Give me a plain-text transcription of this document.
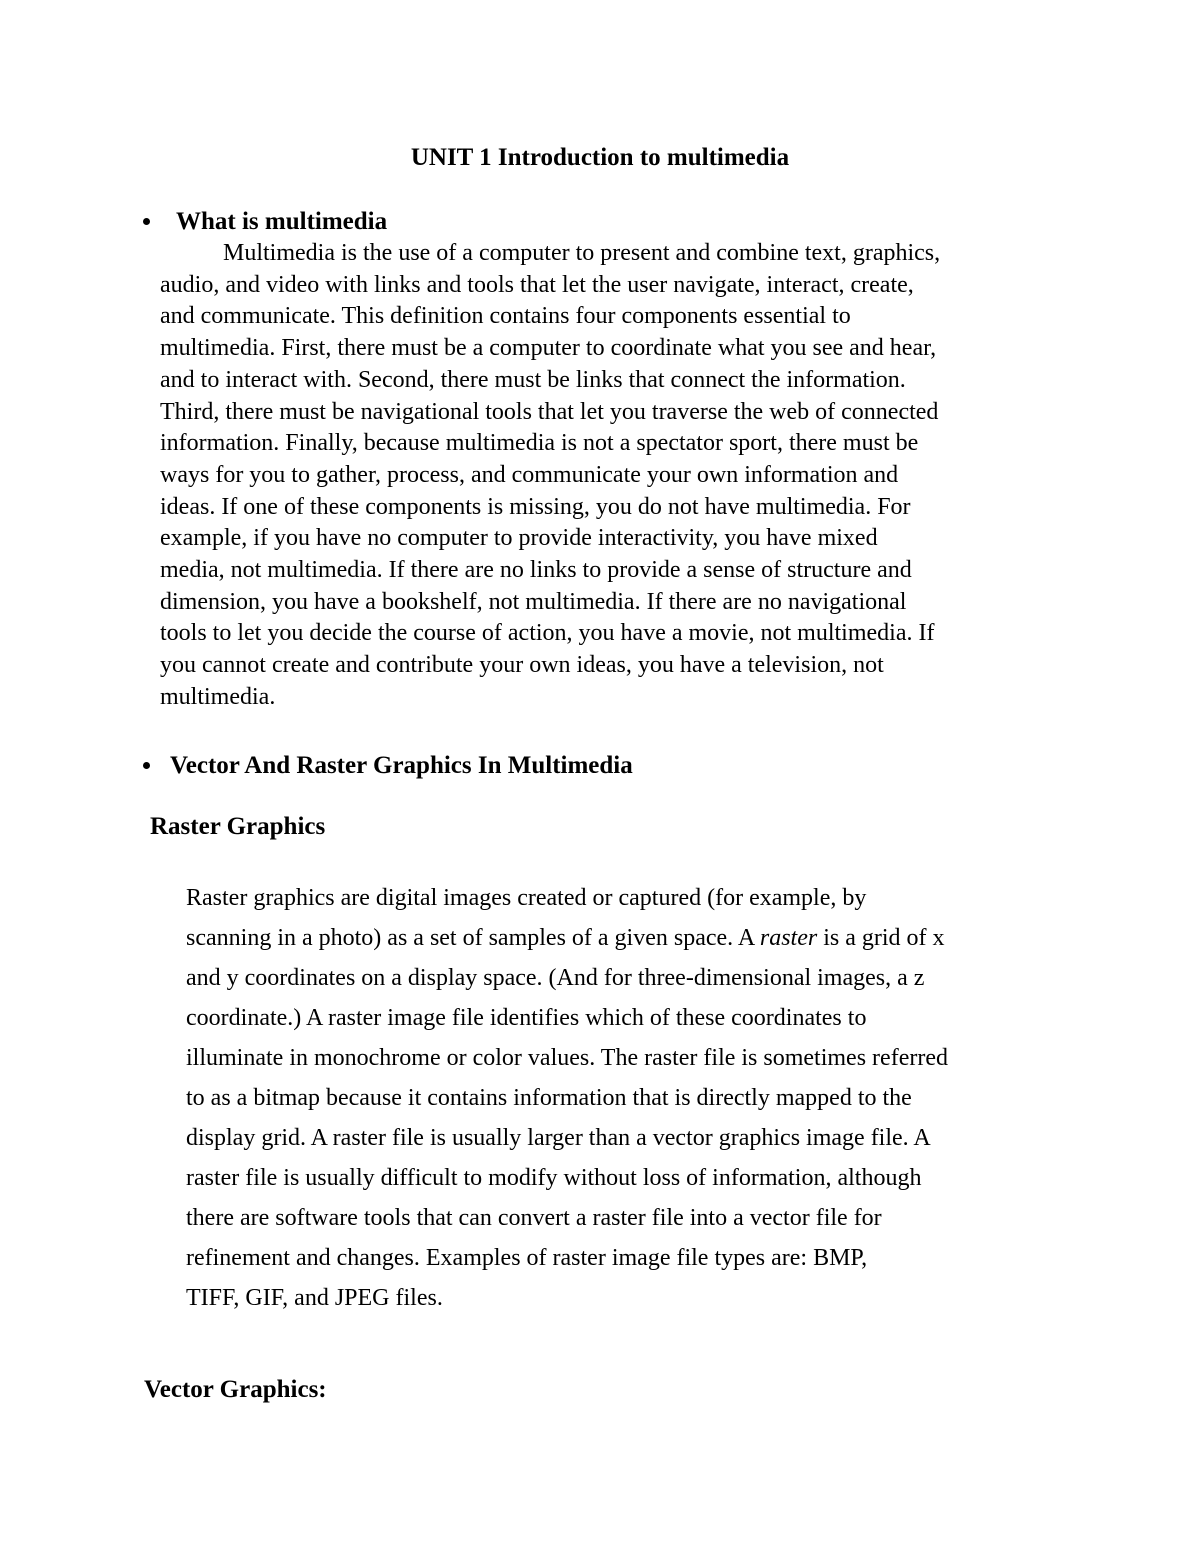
UNIT 1 Introduction to multimedia
What is multimedia
Multimedia is the use of a computer to present and combine text, graphics,
audio, and video with links and tools that let the user navigate, interact, create,
and communicate. This definition contains four components essential to
multimedia. First, there must be a computer to coordinate what you see and hear,
and to interact with. Second, there must be links that connect the information.
Third, there must be navigational tools that let you traverse the web of connected
information. Finally, because multimedia is not a spectator sport, there must be
ways for you to gather, process, and communicate your own information and
ideas. If one of these components is missing, you do not have multimedia. For
example, if you have no computer to provide interactivity, you have mixed
media, not multimedia. If there are no links to provide a sense of structure and
dimension, you have a bookshelf, not multimedia. If there are no navigational
tools to let you decide the course of action, you have a movie, not multimedia. If
you cannot create and contribute your own ideas, you have a television, not
multimedia.
Vector And Raster Graphics In Multimedia
Raster Graphics
Raster graphics are digital images created or captured (for example, by
scanning in a photo) as a set of samples of a given space. A raster is a grid of x
and y coordinates on a display space. (And for three-dimensional images, a z
coordinate.) A raster image file identifies which of these coordinates to
illuminate in monochrome or color values. The raster file is sometimes referred
to as a bitmap because it contains information that is directly mapped to the
display grid. A raster file is usually larger than a vector graphics image file. A
raster file is usually difficult to modify without loss of information, although
there are software tools that can convert a raster file into a vector file for
refinement and changes. Examples of raster image file types are: BMP,
TIFF, GIF, and JPEG files.
Vector Graphics:
